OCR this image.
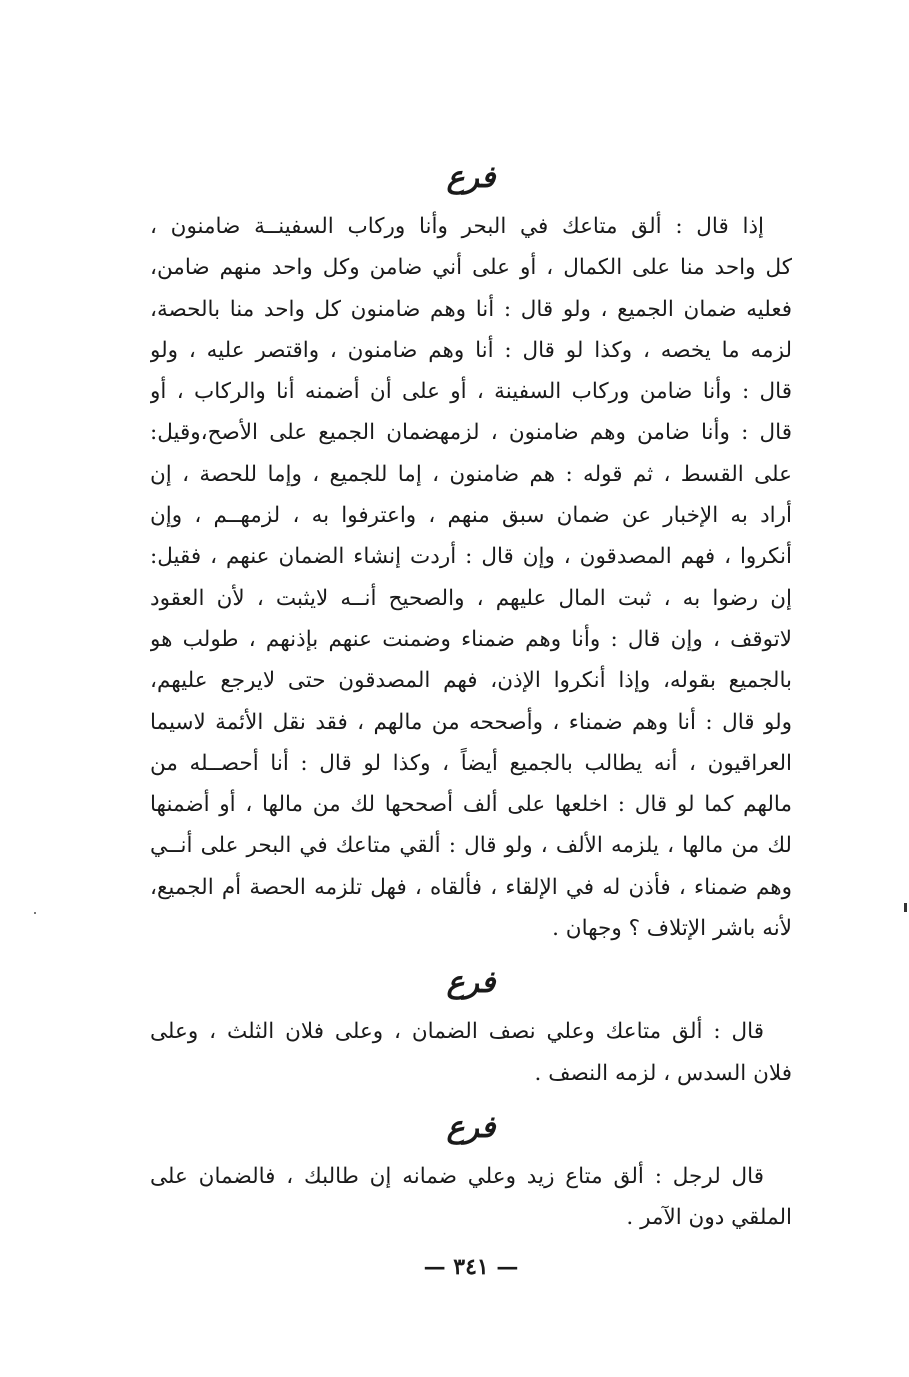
فرع
إذا قال : ألق متاعك في البحر وأنا وركاب السفينــة ضامنون ،
كل واحد منا على الكمال ، أو على أني ضامن وكل واحد منهم ضامن،
فعليه ضمان الجميع ، ولو قال : أنا وهم ضامنون كل واحد منا بالحصة،
لزمه ما يخصه ، وكذا لو قال : أنا وهم ضامنون ، واقتصر عليه ، ولو
قال : وأنا ضامن وركاب السفينة ، أو على أن أضمنه أنا والركاب ، أو
قال : وأنا ضامن وهم ضامنون ، لزمهضمان الجميع على الأصح،وقيل:
على القسط ، ثم قوله : هم ضامنون ، إما للجميع ، وإما للحصة ، إن
أراد به الإخبار عن ضمان سبق منهم ، واعترفوا به ، لزمهــم ، وإن
أنكروا ، فهم المصدقون ، وإن قال : أردت إنشاء الضمان عنهم ، فقيل:
إن رضوا به ، ثبت المال عليهم ، والصحيح أنــه لايثبت ، لأن العقود
لاتوقف ، وإن قال : وأنا وهم ضمناء وضمنت عنهم بإذنهم ، طولب هو
بالجميع بقوله، وإذا أنكروا الإذن، فهم المصدقون حتى لايرجع عليهم،
ولو قال : أنا وهم ضمناء ، وأصححه من مالهم ، فقد نقل الأئمة لاسيما
العراقيون ، أنه يطالب بالجميع أيضاً ، وكذا لو قال : أنا أحصــله من
مالهم كما لو قال : اخلعها على ألف أصححها لك من مالها ، أو أضمنها
لك من مالها ، يلزمه الألف ، ولو قال : ألقي متاعك في البحر على أنــي
وهم ضمناء ، فأذن له في الإلقاء ، فألقاه ، فهل تلزمه الحصة أم الجميع،
لأنه باشر الإتلاف ؟ وجهان .
فرع
قال : ألق متاعك وعلي نصف الضمان ، وعلى فلان الثلث ، وعلى
فلان السدس ، لزمه النصف .
فرع
قال لرجل : ألق متاع زيد وعلي ضمانه إن طالبك ، فالضمان على
الملقي دون الآمر .
— ٣٤١ —
